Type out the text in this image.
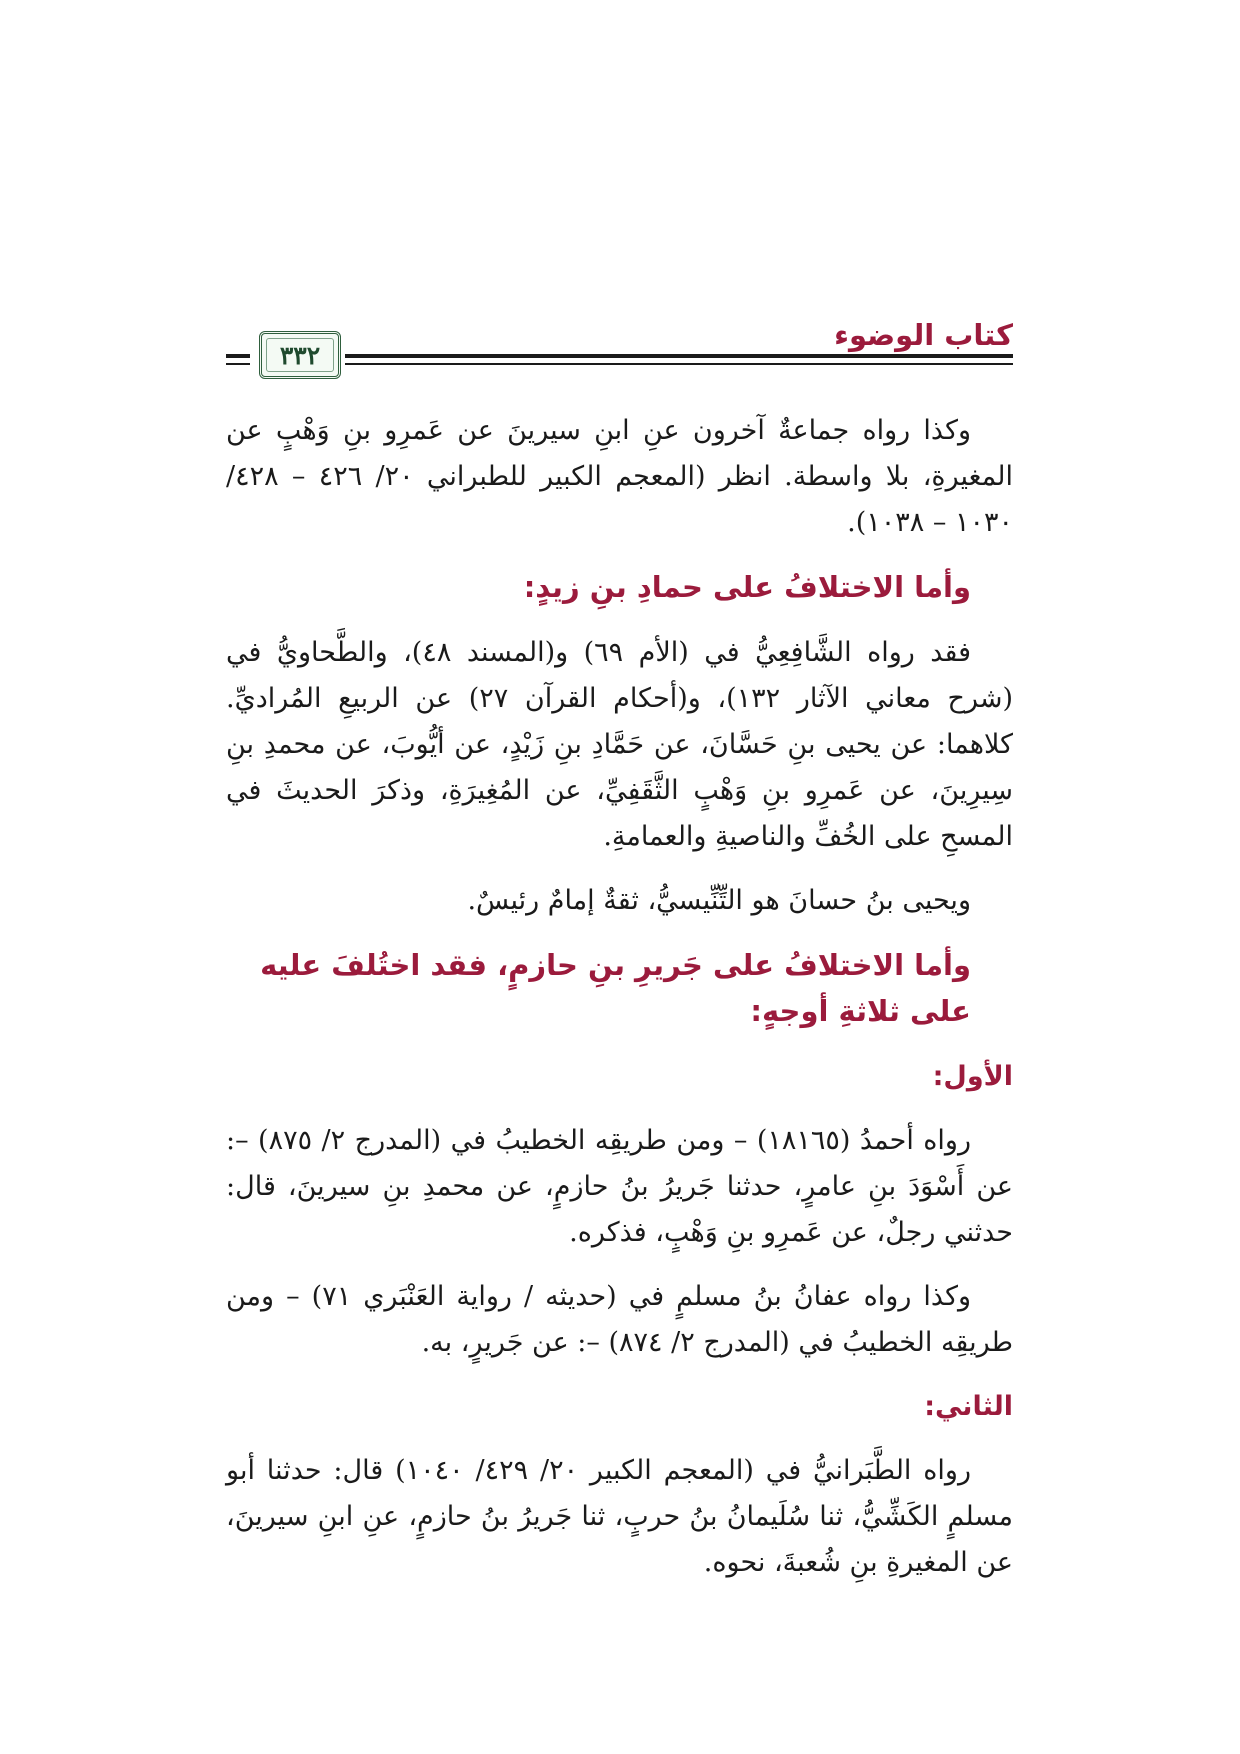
كتاب الوضوء
٣٣٢

وكذا رواه جماعةٌ آخرون عنِ ابنِ سيرينَ عن عَمرِو بنِ وَهْبٍ عن المغيرةِ، بلا واسطة. انظر (المعجم الكبير للطبراني ٢٠/ ٤٢٦ – ٤٢٨/ ١٠٣٠ – ١٠٣٨).

وأما الاختلافُ على حمادِ بنِ زيدٍ:

فقد رواه الشَّافِعِيُّ في (الأم ٦٩) و(المسند ٤٨)، والطَّحاويُّ في (شرح معاني الآثار ١٣٢)، و(أحكام القرآن ٢٧) عن الربيعِ المُراديِّ. كلاهما: عن يحيى بنِ حَسَّانَ، عن حَمَّادِ بنِ زَيْدٍ، عن أيُّوبَ، عن محمدِ بنِ سِيرِينَ، عن عَمرِو بنِ وَهْبٍ الثَّقَفِيِّ، عن المُغِيرَةِ، وذكرَ الحديثَ في المسحِ على الخُفِّ والناصيةِ والعمامةِ.

ويحيى بنُ حسانَ هو التِّنِّيسيُّ، ثقةٌ إمامٌ رئيسٌ.

وأما الاختلافُ على جَريرِ بنِ حازمٍ، فقد اختُلفَ عليه على ثلاثةِ أوجهٍ:
الأول:

رواه أحمدُ (١٨١٦٥) – ومن طريقِه الخطيبُ في (المدرج ٢/ ٨٧٥) –: عن أَسْوَدَ بنِ عامرٍ، حدثنا جَريرُ بنُ حازمٍ، عن محمدِ بنِ سيرينَ، قال: حدثني رجلٌ، عن عَمرِو بنِ وَهْبٍ، فذكره.

وكذا رواه عفانُ بنُ مسلمٍ في (حديثه / رواية العَنْبَري ٧١) – ومن طريقِه الخطيبُ في (المدرج ٢/ ٨٧٤) –: عن جَريرٍ، به.

الثاني:

رواه الطَّبَرانيُّ في (المعجم الكبير ٢٠/ ٤٢٩/ ١٠٤٠) قال: حدثنا أبو مسلمٍ الكَشِّيُّ، ثنا سُلَيمانُ بنُ حربٍ، ثنا جَريرُ بنُ حازمٍ، عنِ ابنِ سيرينَ، عن المغيرةِ بنِ شُعبةَ، نحوه.
